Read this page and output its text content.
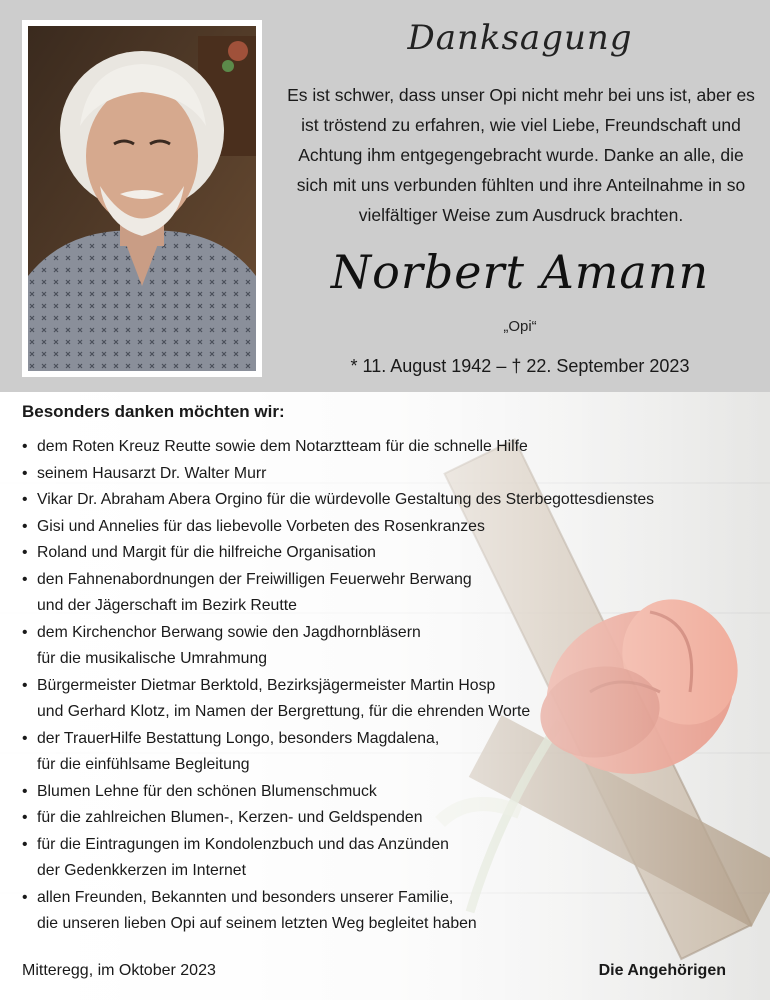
Danksagung
Es ist schwer, dass unser Opi nicht mehr bei uns ist, aber es
ist tröstend zu erfahren, wie viel Liebe, Freundschaft und
Achtung ihm entgegengebracht wurde. Danke an alle, die
sich mit uns verbunden fühlten und ihre Anteilnahme in so
vielfältiger Weise zum Ausdruck brachten.
Norbert Amann
„Opi“
* 11. August 1942 – † 22. September 2023
Besonders danken möchten wir:
• dem Roten Kreuz Reutte sowie dem Notarztteam für die schnelle Hilfe
• seinem Hausarzt Dr. Walter Murr
• Vikar Dr. Abraham Abera Orgino für die würdevolle Gestaltung des Sterbegottesdienstes
• Gisi und Annelies für das liebevolle Vorbeten des Rosenkranzes
• Roland und Margit für die hilfreiche Organisation
• den Fahnenabordnungen der Freiwilligen Feuerwehr Berwang
und der Jägerschaft im Bezirk Reutte
• dem Kirchenchor Berwang sowie den Jagdhornbläsern
für die musikalische Umrahmung
• Bürgermeister Dietmar Berktold, Bezirksjägermeister Martin Hosp
und Gerhard Klotz, im Namen der Bergrettung, für die ehrenden Worte
• der TrauerHilfe Bestattung Longo, besonders Magdalena,
für die einfühlsame Begleitung
• Blumen Lehne für den schönen Blumenschmuck
• für die zahlreichen Blumen-, Kerzen- und Geldspenden
• für die Eintragungen im Kondolenzbuch und das Anzünden
der Gedenkkerzen im Internet
• allen Freunden, Bekannten und besonders unserer Familie,
die unseren lieben Opi auf seinem letzten Weg begleitet haben
Mitteregg, im Oktober 2023	Die Angehörigen
